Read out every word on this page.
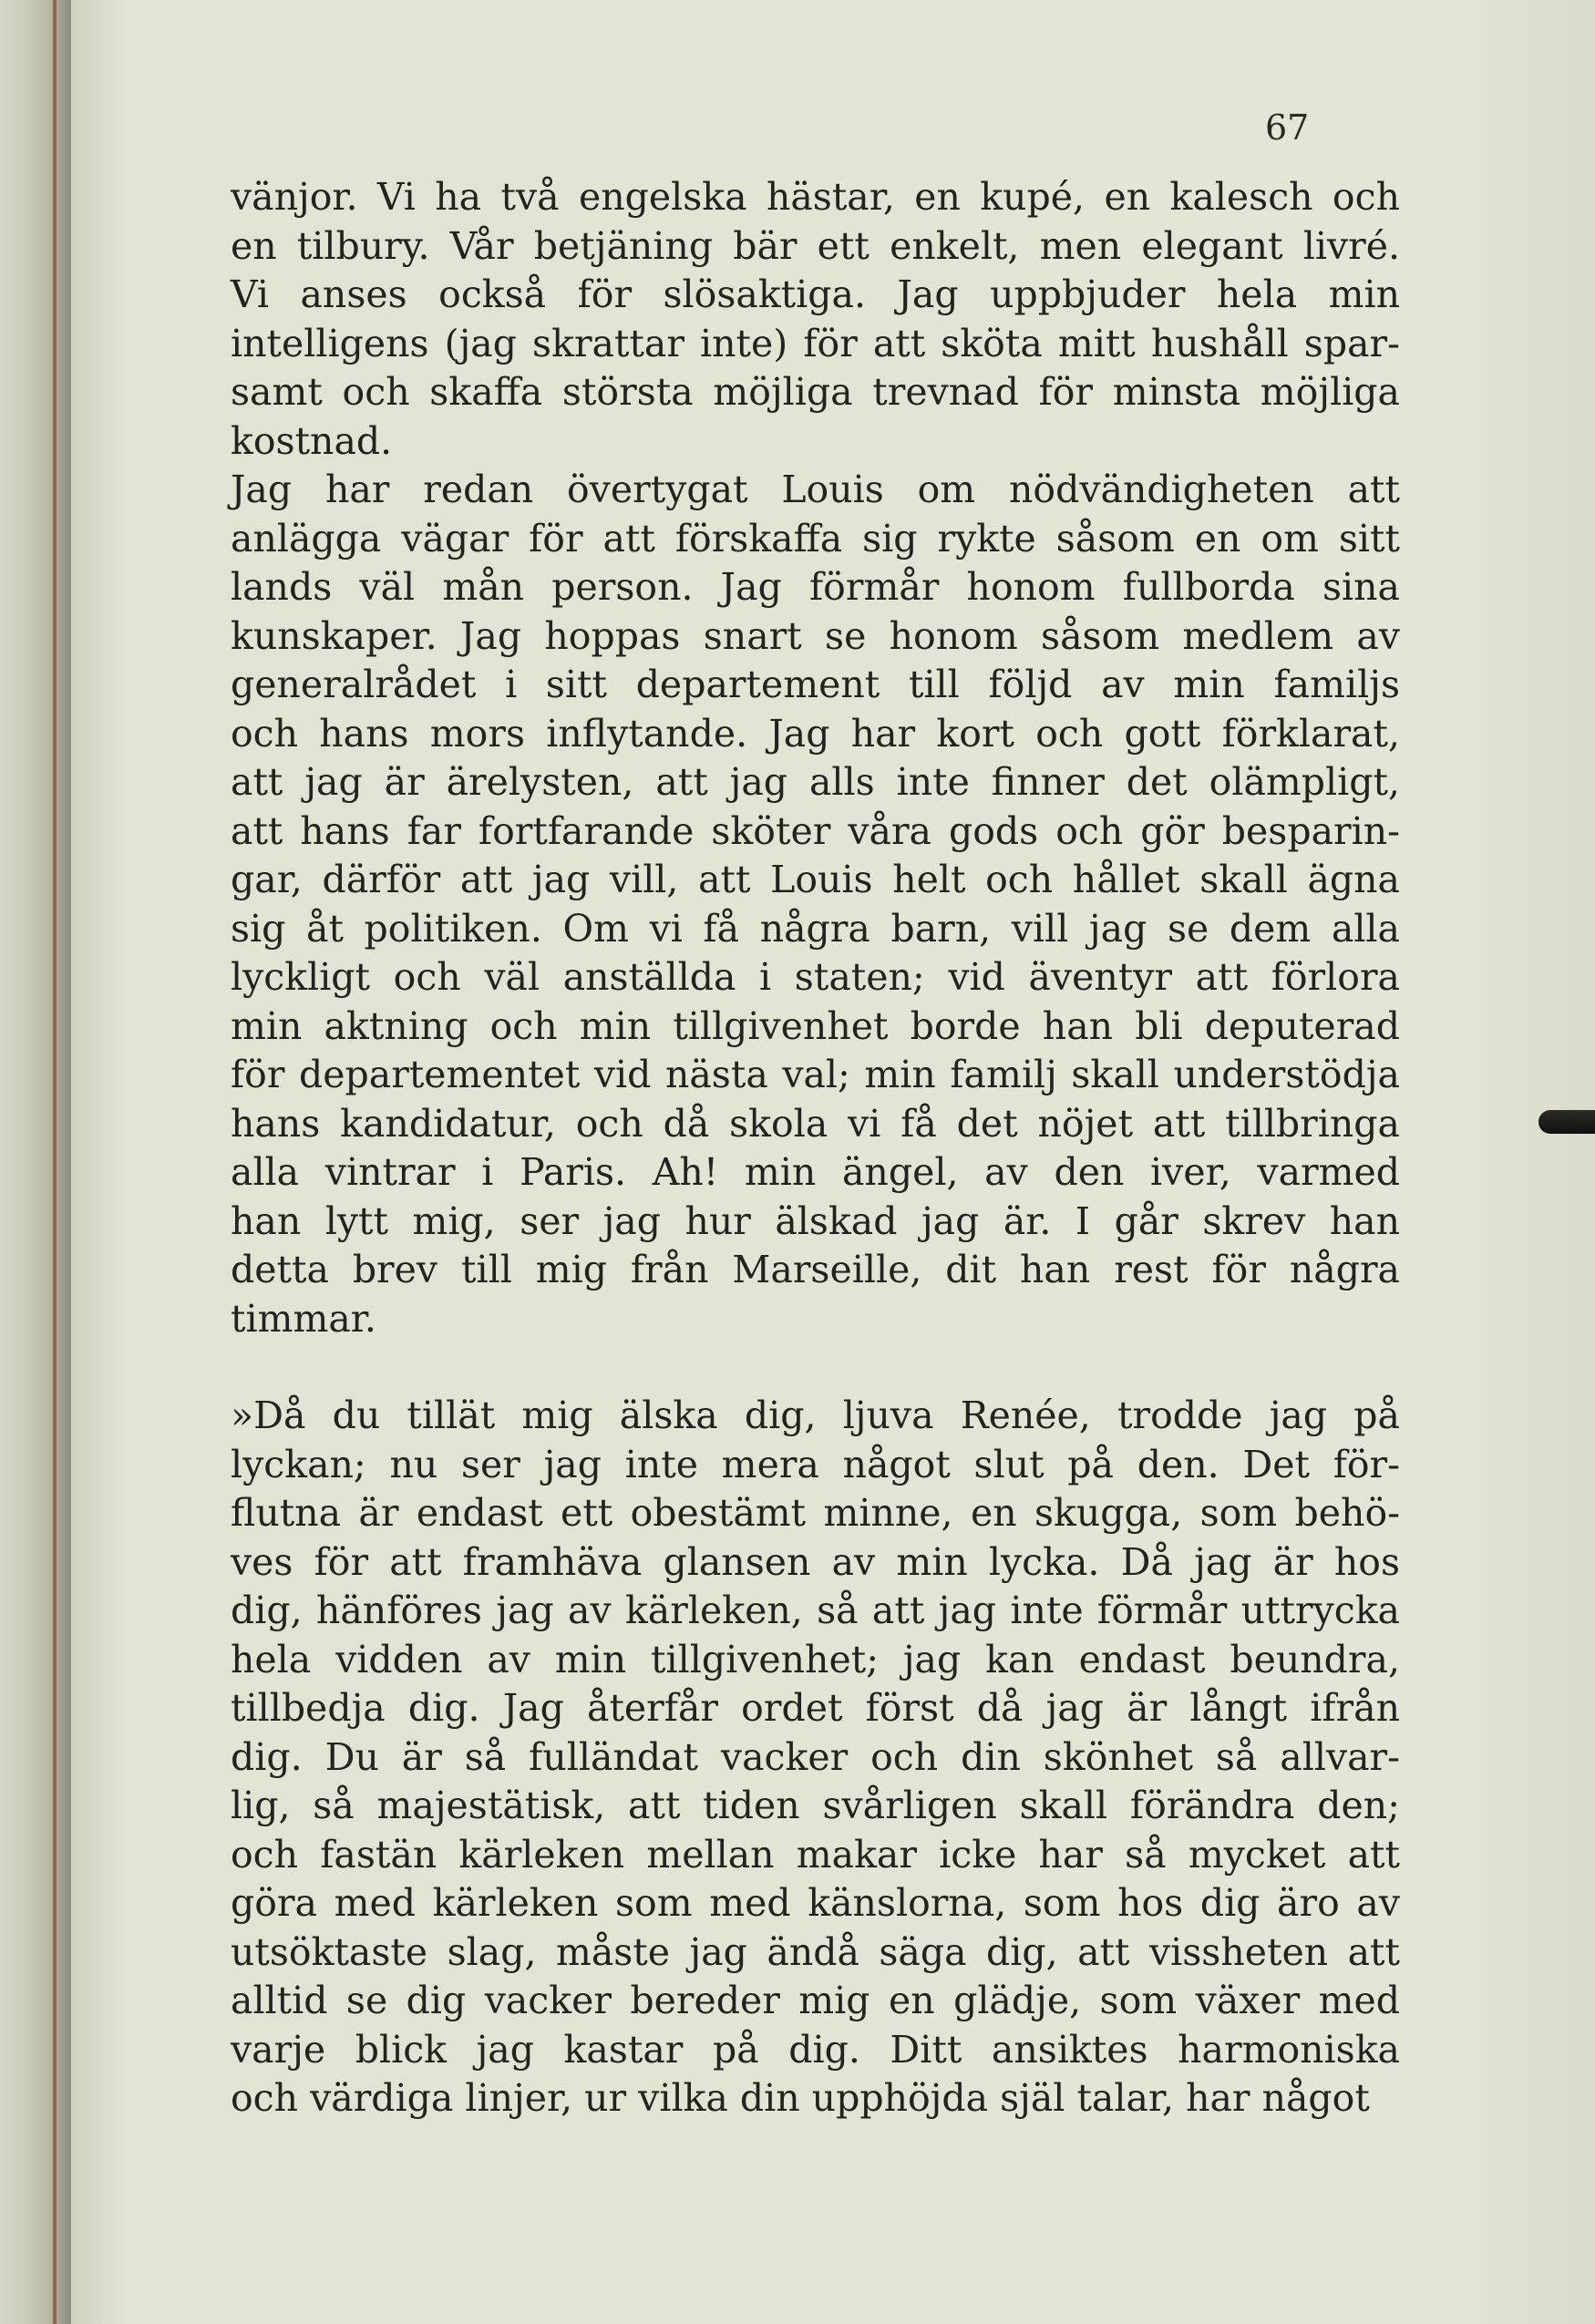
67
vänjor. Vi ha två engelska hästar, en kupé, en kalesch och
en tilbury. Vår betjäning bär ett enkelt, men elegant livré.
Vi anses också för slösaktiga. Jag uppbjuder hela min
intelligens (jag skrattar inte) för att sköta mitt hushåll spar-
samt och skaffa största möjliga trevnad för minsta möjliga
kostnad.
Jag har redan övertygat Louis om nödvändigheten att
anlägga vägar för att förskaffa sig rykte såsom en om sitt
lands väl mån person. Jag förmår honom fullborda sina
kunskaper. Jag hoppas snart se honom såsom medlem av
generalrådet i sitt departement till följd av min familjs
och hans mors inflytande. Jag har kort och gott förklarat,
att jag är ärelysten, att jag alls inte finner det olämpligt,
att hans far fortfarande sköter våra gods och gör besparin-
gar, därför att jag vill, att Louis helt och hållet skall ägna
sig åt politiken. Om vi få några barn, vill jag se dem alla
lyckligt och väl anställda i staten; vid äventyr att förlora
min aktning och min tillgivenhet borde han bli deputerad
för departementet vid nästa val; min familj skall understödja
hans kandidatur, och då skola vi få det nöjet att tillbringa
alla vintrar i Paris. Ah! min ängel, av den iver, varmed
han lytt mig, ser jag hur älskad jag är. I går skrev han
detta brev till mig från Marseille, dit han rest för några
timmar.
»Då du tillät mig älska dig, ljuva Renée, trodde jag på
lyckan; nu ser jag inte mera något slut på den. Det för-
flutna är endast ett obestämt minne, en skugga, som behö-
ves för att framhäva glansen av min lycka. Då jag är hos
dig, hänföres jag av kärleken, så att jag inte förmår uttrycka
hela vidden av min tillgivenhet; jag kan endast beundra,
tillbedja dig. Jag återfår ordet först då jag är långt ifrån
dig. Du är så fulländat vacker och din skönhet så allvar-
lig, så majestätisk, att tiden svårligen skall förändra den;
och fastän kärleken mellan makar icke har så mycket att
göra med kärleken som med känslorna, som hos dig äro av
utsöktaste slag, måste jag ändå säga dig, att vissheten att
alltid se dig vacker bereder mig en glädje, som växer med
varje blick jag kastar på dig. Ditt ansiktes harmoniska
och värdiga linjer, ur vilka din upphöjda själ talar, har något
